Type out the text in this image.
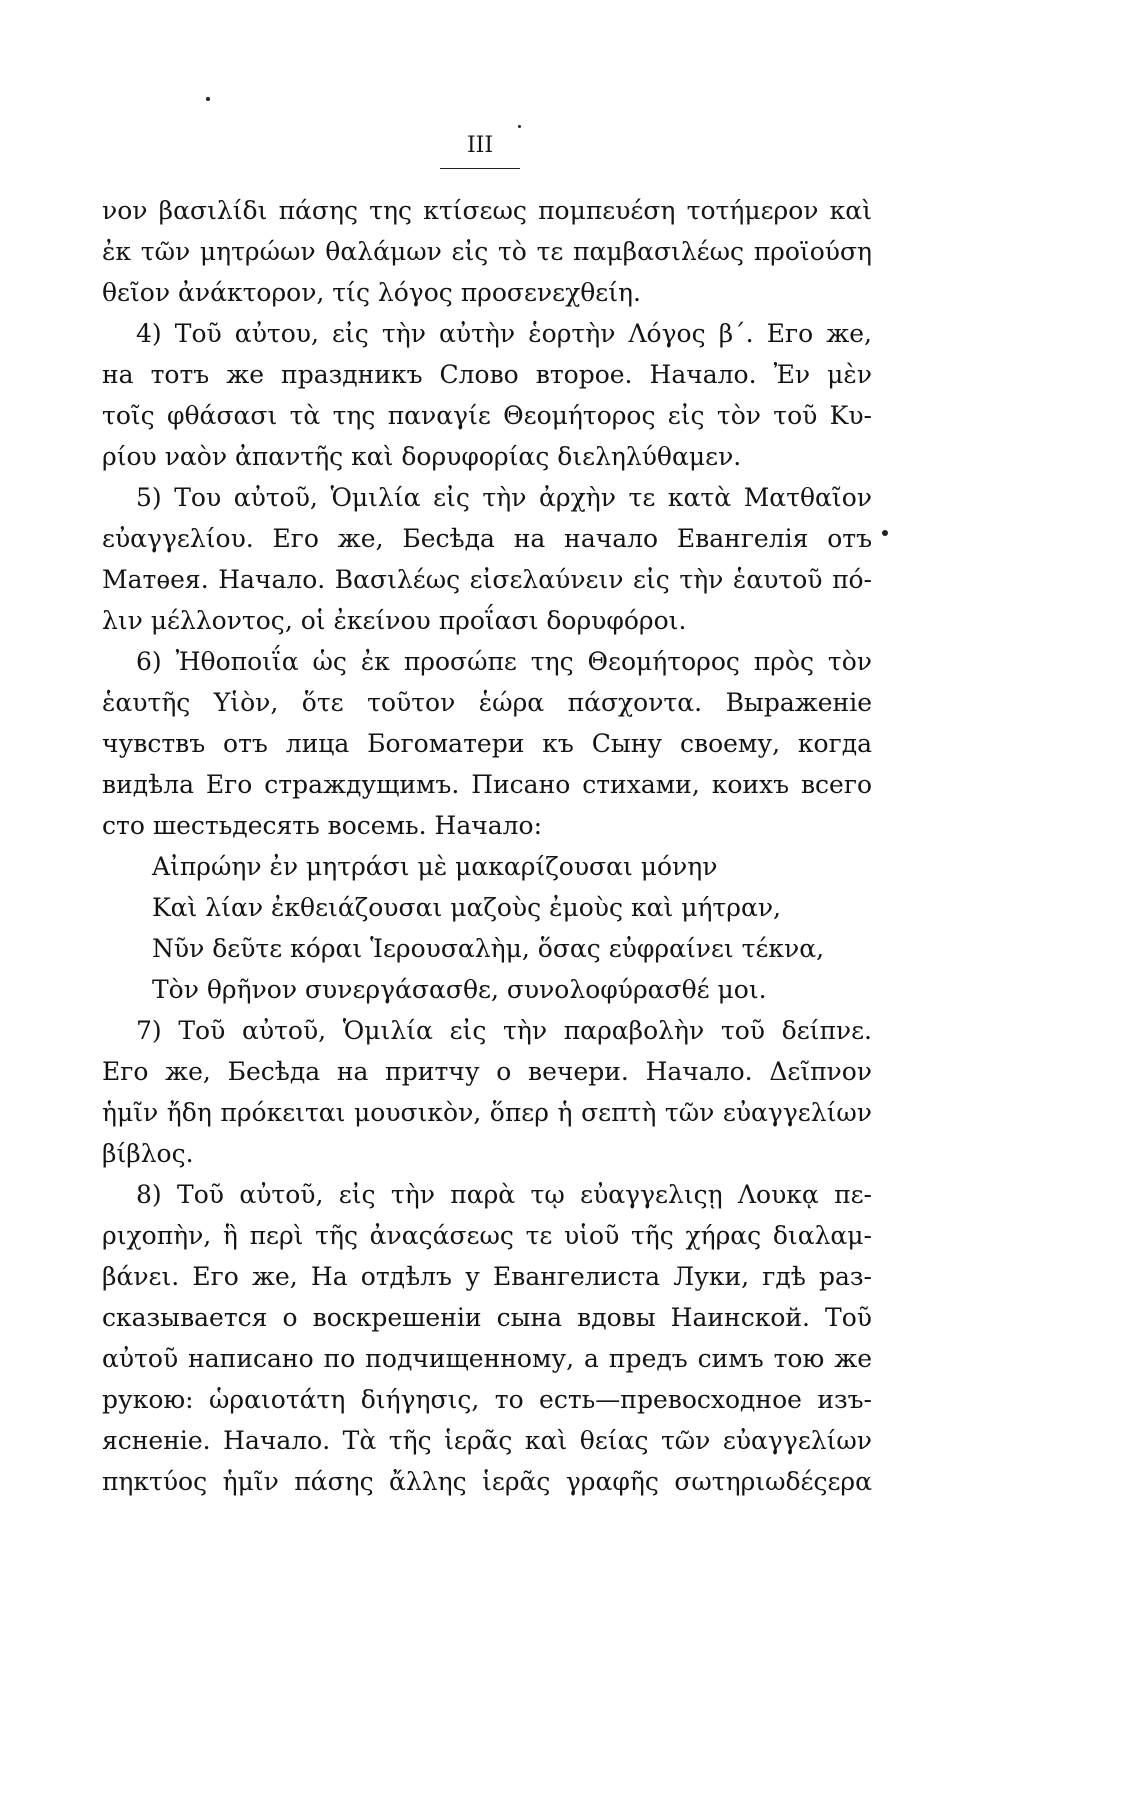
III
νον βασιλίδι πάσης της κτίσεως πομπευέση τοτήμερον καὶ
ἐκ τῶν μητρώων θαλάμων εἰς τὸ τε παμβασιλέως προϊούση
θεῖον ἀνάκτορον, τίς λόγος προσενεχθείη.
4) Τοῦ αὐτου, εἰς τὴν αὐτὴν ἑορτὴν Λόγος β΄. Его же,
на тотъ же праздникъ Слово второе. Начало. Ἐν μὲν
τοῖς φθάσασι τὰ της παναγίε Θεομήτορος εἰς τὸν τοῦ Κυ-
ρίου ναὸν ἀπαντῆς καὶ δορυφορίας διεληλύθαμεν.
5) Του αὐτοῦ, Ὁμιλία εἰς τὴν ἀρχὴν τε κατὰ Ματθαῖον
εὐαγγελίου. Его же, Бесѣда на начало Евангелія отъ
Матѳея. Начало. Βασιλέως εἰσελαύνειν εἰς τὴν ἑαυτοῦ πό-
λιν μέλλοντος, οἱ ἐκείνου προΐασι δορυφόροι.
6) Ἠθοποιΐα ὡς ἐκ προσώπε της Θεομήτορος πρὸς τὸν
ἑαυτῆς Υἱὸν, ὅτε τοῦτον ἑώρα πάσχοντα. Выраженіе
чувствъ отъ лица Богоматери къ Сыну своему, когда
видѣла Его страждущимъ. Писано стихами, коихъ всего
сто шестьдесять восемь. Начало:
Αἰπρώην ἐν μητράσι μὲ μακαρίζουσαι μόνην
Καὶ λίαν ἐκθειάζουσαι μαζοὺς ἐμοὺς καὶ μήτραν,
Νῦν δεῦτε κόραι Ἱερουσαλὴμ, ὅσας εὐφραίνει τέκνα,
Τὸν θρῆνον συνεργάσασθε, συνολοφύρασθέ μοι.
7) Τοῦ αὐτοῦ, Ὁμιλία εἰς τὴν παραβολὴν τοῦ δείπνε.
Его же, Бесѣда на притчу о вечери. Начало. Δεῖπνον
ἡμῖν ἤδη πρόκειται μουσικὸν, ὅπερ ἡ σεπτὴ τῶν εὐαγγελίων
βίβλος.
8) Τοῦ αὐτοῦ, εἰς τὴν παρὰ τῳ εὐαγγελιςῃ Λουκᾳ πε-
ριχοπὴν, ἣ περὶ τῆς ἀναςάσεως τε υἱοῦ τῆς χήρας διαλαμ-
βάνει. Его же, На отдѣлъ у Евангелиста Луки, гдѣ раз-
сказывается о воскрешеніи сына вдовы Наинской. Τοῦ
αὐτοῦ написано по подчищенному, а предъ симъ тою же
рукою: ὡραιοτάτη διήγησις, то есть—превосходное изъ-
ясненіе. Начало. Τὰ τῆς ἱερᾶς καὶ θείας τῶν εὐαγγελίων
πηκτύος ἡμῖν πάσης ἄλλης ἱερᾶς γραφῆς σωτηριωδέςερα
